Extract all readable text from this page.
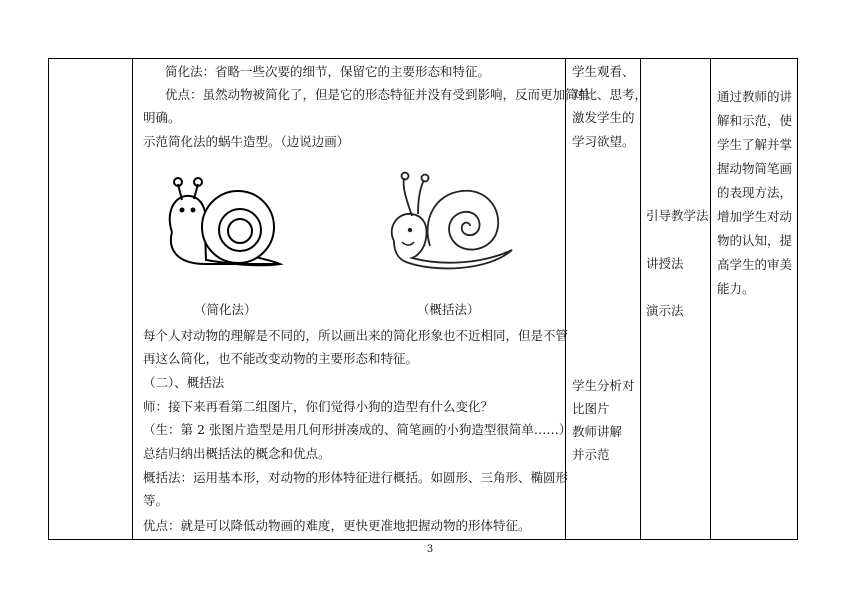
简化法：省略一些次要的细节，保留它的主要形态和特征。
优点：虽然动物被简化了，但是它的形态特征并没有受到影响，反而更加简单
明确。
示范简化法的蜗牛造型。（边说边画）
（简化法）	（概括法）
每个人对动物的理解是不同的，所以画出来的简化形象也不近相同，但是不管
再这么简化，也不能改变动物的主要形态和特征。
（二）、概括法
师：接下来再看第二组图片，你们觉得小狗的造型有什么变化？
（生：第 2 张图片造型是用几何形拼凑成的、简笔画的小狗造型很简单……）
总结归纳出概括法的概念和优点。
概括法：运用基本形，对动物的形体特征进行概括。如圆形、三角形、椭圆形
等。
优点：就是可以降低动物画的难度，更快更准地把握动物的形体特征。
学生观看、
对比、思考，
激发学生的
学习欲望。
学生分析对
比图片
教师讲解
并示范
引导教学法
讲授法
演示法
通过教师的讲
解和示范，使
学生了解并掌
握动物简笔画
的表现方法，
增加学生对动
物的认知，提
高学生的审美
能力。
3
